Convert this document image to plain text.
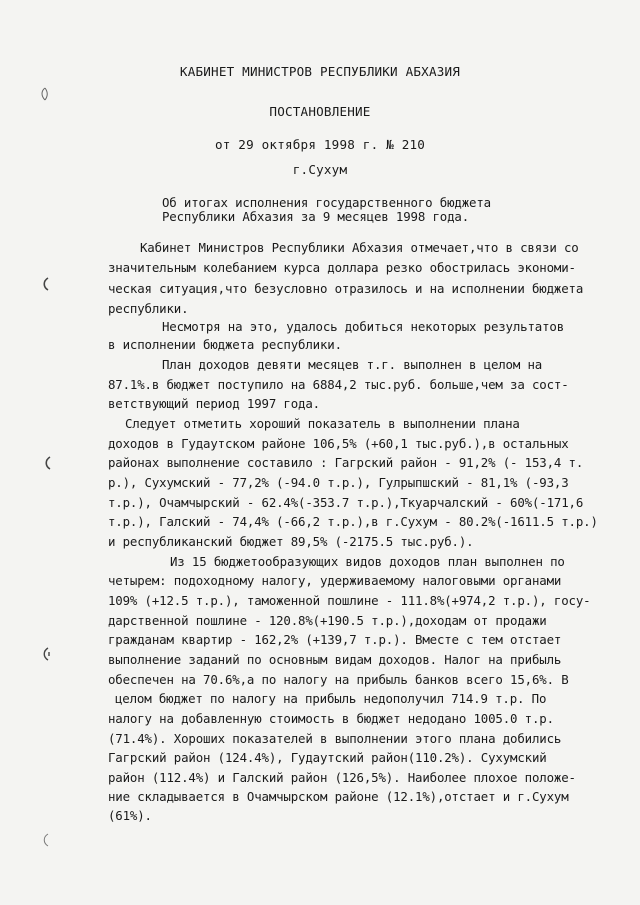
КАБИНЕТ МИНИСТРОВ РЕСПУБЛИКИ АБХАЗИЯ
ПОСТАНОВЛЕНИЕ
от 29 октября 1998 г. № 210
г.Сухум
Об итогах исполнения государственного бюджета
Республики Абхазия за 9 месяцев 1998 года.
Кабинет Министров Республики Абхазия отмечает,что в связи со
значительным колебанием курса доллара резко обострилась экономи-
ческая ситуация,что безусловно отразилось и на исполнении бюджета
республики.
Несмотря на это, удалось добиться некоторых результатов
в исполнении бюджета республики.
План доходов девяти месяцев т.г. выполнен в целом на
87.1%.в бюджет поступило на 6884,2 тыс.руб. больше,чем за сост-
ветствующий период 1997 года.
Следует отметить хороший показатель в выполнении плана
доходов в Гудаутском районе 106,5% (+60,1 тыс.руб.),в остальных
районах выполнение составило : Гагрский район - 91,2% (- 153,4 т.
р.), Сухумский - 77,2% (-94.0 т.р.), Гулрыпшский - 81,1% (-93,3
т.р.), Очамчырский - 62.4%(-353.7 т.р.),Ткуарчалский - 60%(-171,6
т.р.), Галский - 74,4% (-66,2 т.р.),в г.Сухум - 80.2%(-1611.5 т.р.)
и республиканский бюджет 89,5% (-2175.5 тыс.руб.).
Из 15 бюджетообразующих видов доходов план выполнен по
четырем: подоходному налогу, удерживаемому налоговыми органами
109% (+12.5 т.р.), таможенной пошлине - 111.8%(+974,2 т.р.), госу-
дарственной пошлине - 120.8%(+190.5 т.р.),доходам от продажи
гражданам квартир - 162,2% (+139,7 т.р.). Вместе с тем отстает
выполнение заданий по основным видам доходов. Налог на прибыль
обеспечен на 70.6%,а по налогу на прибыль банков всего 15,6%. В
целом бюджет по налогу на прибыль недополучил 714.9 т.р. По
налогу на добавленную стоимость в бюджет недодано 1005.0 т.р.
(71.4%). Хороших показателей в выполнении этого плана добились
Гагрский район (124.4%), Гудаутский район(110.2%). Сухумский
район (112.4%) и Галский район (126,5%). Наиболее плохое положе-
ние складывается в Очамчырском районе (12.1%),отстает и г.Сухум
(61%).
